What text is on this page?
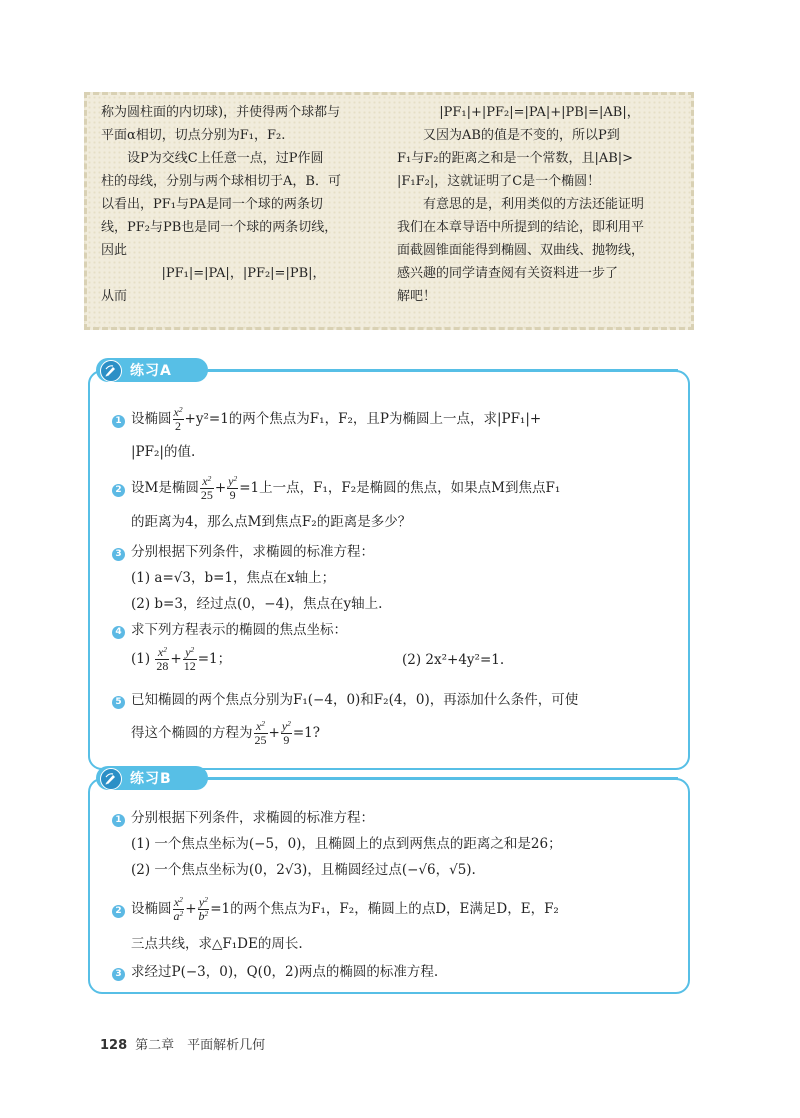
称为圆柱面的内切球)，并使得两个球都与

平面α相切，切点分别为F₁，F₂.

设P为交线C上任意一点，过P作圆

柱的母线，分别与两个球相切于A，B．可

以看出，PF₁与PA是同一个球的两条切

线，PF₂与PB也是同一个球的两条切线，

因此

|PF₁|=|PA|，|PF₂|=|PB|，

从而

|PF₁|+|PF₂|=|PA|+|PB|=|AB|，

又因为AB的值是不变的，所以P到

F₁与F₂的距离之和是一个常数，且|AB|>

|F₁F₂|，这就证明了C是一个椭圆！

有意思的是，利用类似的方法还能证明

我们在本章导语中所提到的结论，即利用平

面截圆锥面能得到椭圆、双曲线、抛物线，

感兴趣的同学请查阅有关资料进一步了

解吧！

练习A
1 设椭圆 $\frac{x^2}{2} +y^2=1$的两个焦点为F₁，F₂，且P为椭圆上一点，求|PF₁|+
|PF₂|的值.
2 设M是椭圆 $\frac{x^2}{25} + \frac{y^2}{9} =1$上一点，F₁，F₂是椭圆的焦点，如果点M到焦点F₁
的距离为4，那么点M到焦点F₂的距离是多少？
3 分别根据下列条件，求椭圆的标准方程：
(1) a=√3，b=1，焦点在x轴上；
(2) b=3，经过点(0，−4)，焦点在y轴上.
4 求下列方程表示的椭圆的焦点坐标：
$(1) \frac{x^2}{28} + \frac{y^2}{12} =1$；	(2) 2x²+4y²=1.
5 已知椭圆的两个焦点分别为F₁(−4，0)和F₂(4，0)，再添加什么条件，可使
得这个椭圆的方程为 $\frac{x^2}{25} + \frac{y^2}{9} =1$?
练习B
1 分别根据下列条件，求椭圆的标准方程：
(1) 一个焦点坐标为(−5，0)，且椭圆上的点到两焦点的距离之和是26；
(2) 一个焦点坐标为(0，2√3)，且椭圆经过点(−√6，√5).
2 设椭圆 $\frac{x^2}{a^2} + \frac{y^2}{b^2} =1$的两个焦点为F₁，F₂，椭圆上的点D，E满足D，E，F₂
三点共线，求△F₁DE的周长.
3 求经过P(−3，0)，Q(0，2)两点的椭圆的标准方程.
128 第二章　平面解析几何
